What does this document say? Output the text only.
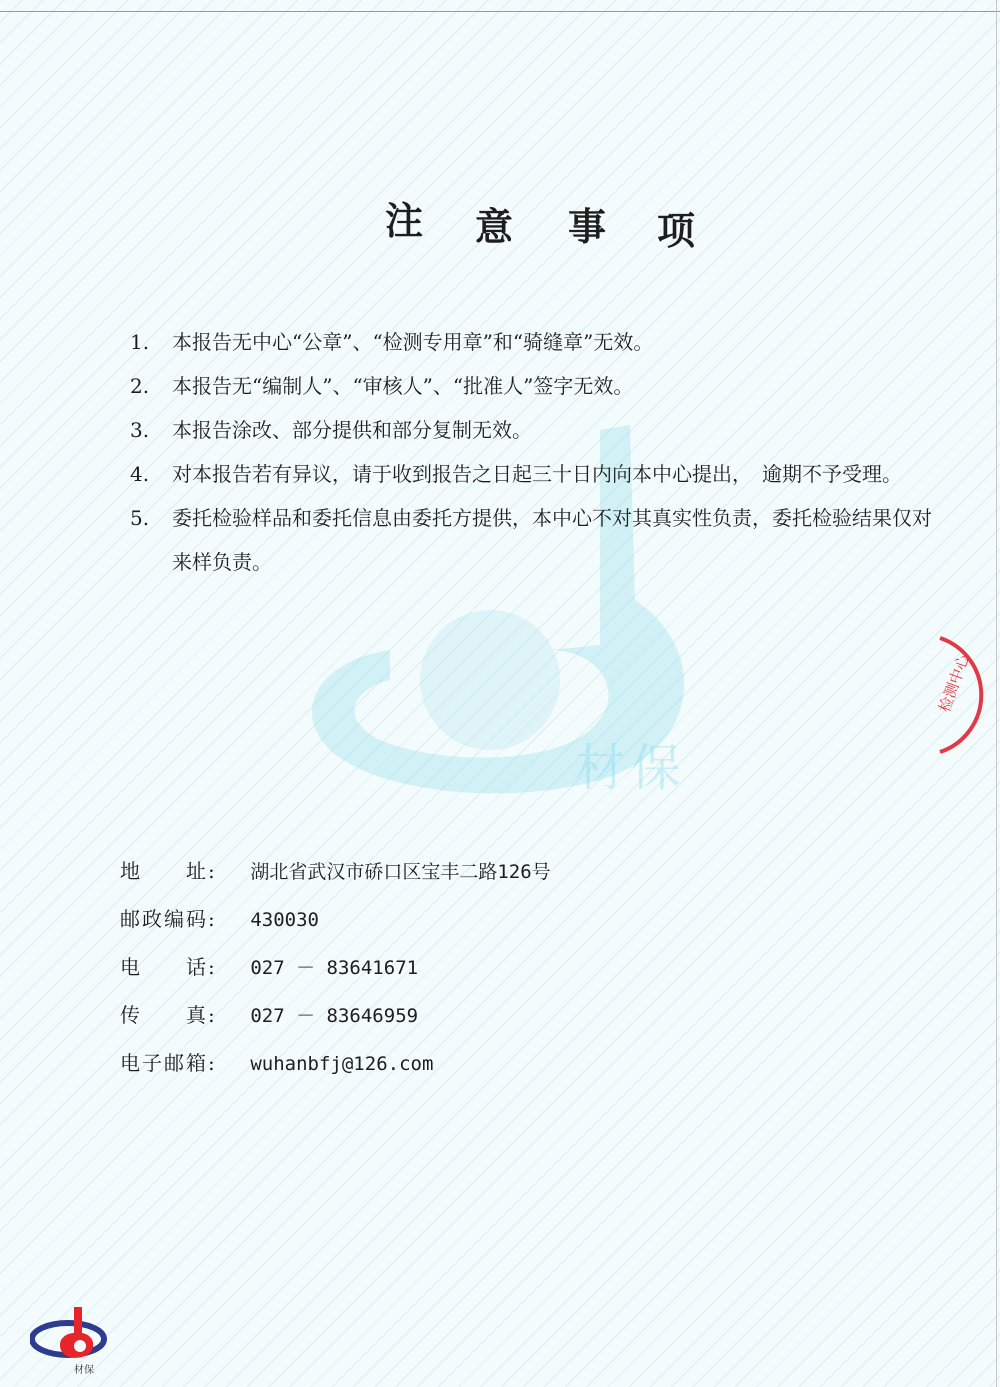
材保
注 意 事 项
1. 本报告无中心“公章”、“检测专用章”和“骑缝章”无效。
2. 本报告无“编制人”、“审核人”、“批准人”签字无效。
3. 本报告涂改、部分提供和部分复制无效。
4. 对本报告若有异议，请于收到报告之日起三十日内向本中心提出，　逾期不予受理。
5. 委托检验样品和委托信息由委托方提供，本中心不对其真实性负责，委托检验结果仅对来样负责。
检测中心
地　　址: 湖北省武汉市硚口区宝丰二路126号
邮政编码: 430030
电　　话: 027 － 83641671
传　　真: 027 － 83646959
电子邮箱: wuhanbfj@126.com
材保
